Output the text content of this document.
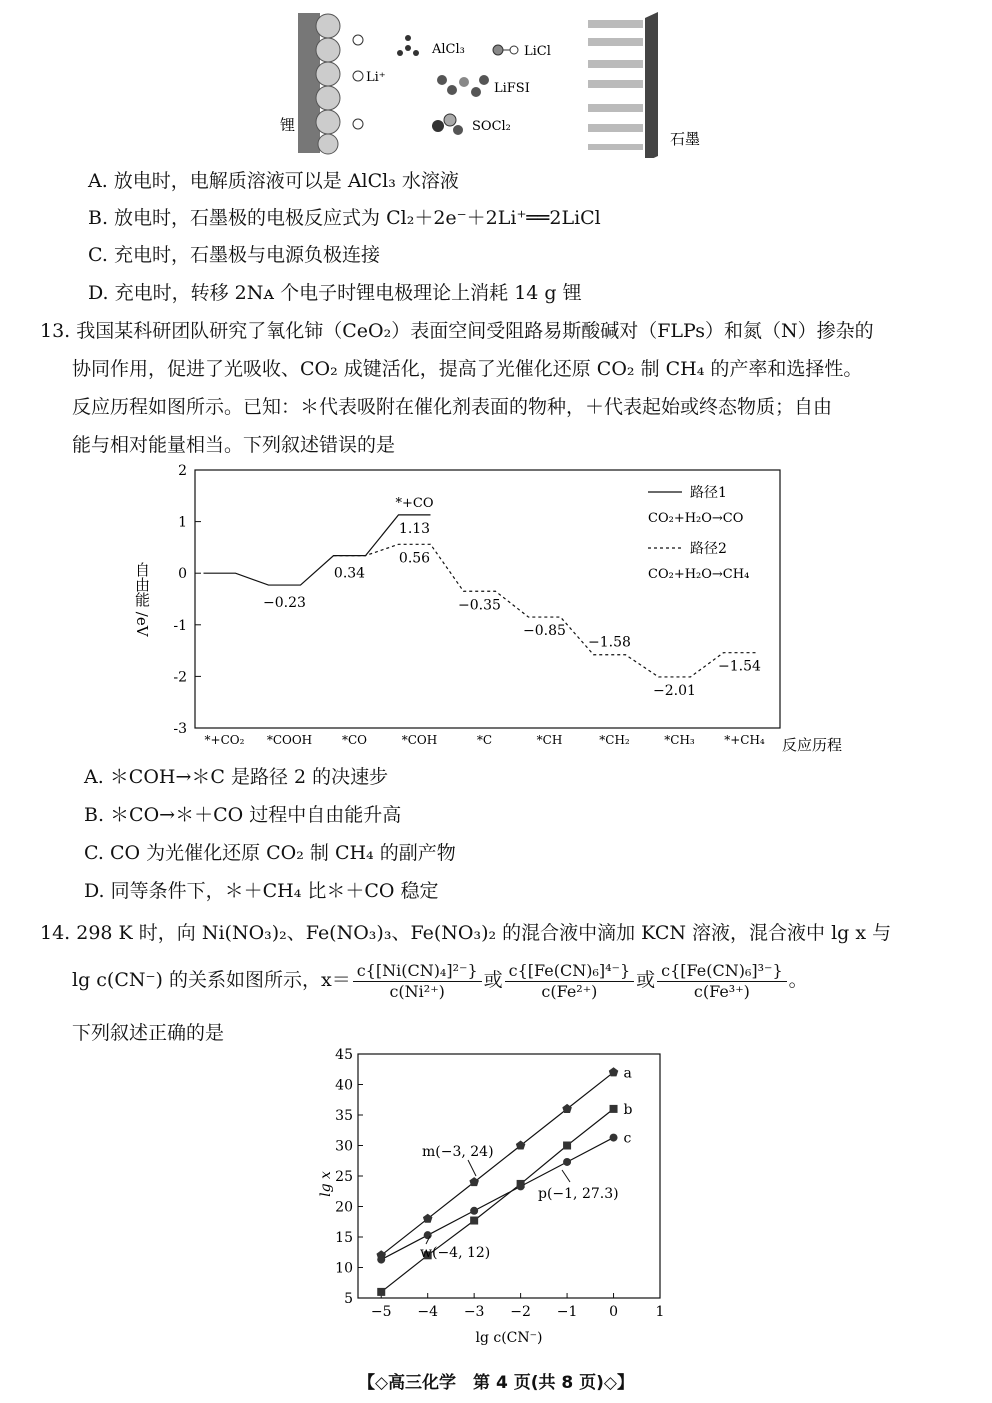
锂
Li⁺
AlCl₃	LiCl
LiFSI
SOCl₂
石墨
A. 放电时，电解质溶液可以是 AlCl₃ 水溶液
B. 放电时，石墨极的电极反应式为 Cl₂＋2e⁻＋2Li⁺══2LiCl
C. 充电时，石墨极与电源负极连接
D. 充电时，转移 2Nᴀ 个电子时锂电极理论上消耗 14 g 锂
13. 我国某科研团队研究了氧化铈（CeO₂）表面空间受阻路易斯酸碱对（FLPs）和氮（N）掺杂的
协同作用，促进了光吸收、CO₂ 成键活化，提高了光催化还原 CO₂ 制 CH₄ 的产率和选择性。
反应历程如图所示。已知：＊代表吸附在催化剂表面的物种，＋代表起始或终态物质；自由
能与相对能量相当。下列叙述错误的是
2
1
0
-1
-2
-3
*+CO₂ *COOH *CO	*COH	*C	*CH	*CH₂	*CH₃ *+CH₄
−0.23
0.34
1.13
0.56
−0.35
−0.85
−1.58
−2.01
−1.54
*+CO
自由能 /eV
反应历程
路径1
CO₂+H₂O→CO
路径2
CO₂+H₂O→CH₄
A. ＊COH→＊C 是路径 2 的决速步
B. ＊CO→＊＋CO 过程中自由能升高
C. CO 为光催化还原 CO₂ 制 CH₄ 的副产物
D. 同等条件下，＊＋CH₄ 比＊＋CO 稳定
14. 298 K 时，向 Ni(NO₃)₂、Fe(NO₃)₃、Fe(NO₃)₂ 的混合液中滴加 KCN 溶液，混合液中 lg x 与
lg c(CN⁻) 的关系如图所示，$x= \frac{\text{c\{[Ni(CN)₄]²⁻\}}}{\text{c(Ni²⁺)}}$ 或 $\frac{\text{c\{[Fe(CN)₆]⁴⁻\}}}{\text{c(Fe²⁺)}}$ 或 $\frac{\text{c\{[Fe(CN)₆]³⁻\}}}{\text{c(Fe³⁺)}}$ 。
下列叙述正确的是
5
10
15
20
25
30
35
40
45
−5 −4 −3 −2 −1 0	1
a
b
c
lg x
lg c(CN⁻)
m(−3, 24)
p(−1, 27.3)
w(−4, 12)
【◇高三化学　第 4 页(共 8 页)◇】
